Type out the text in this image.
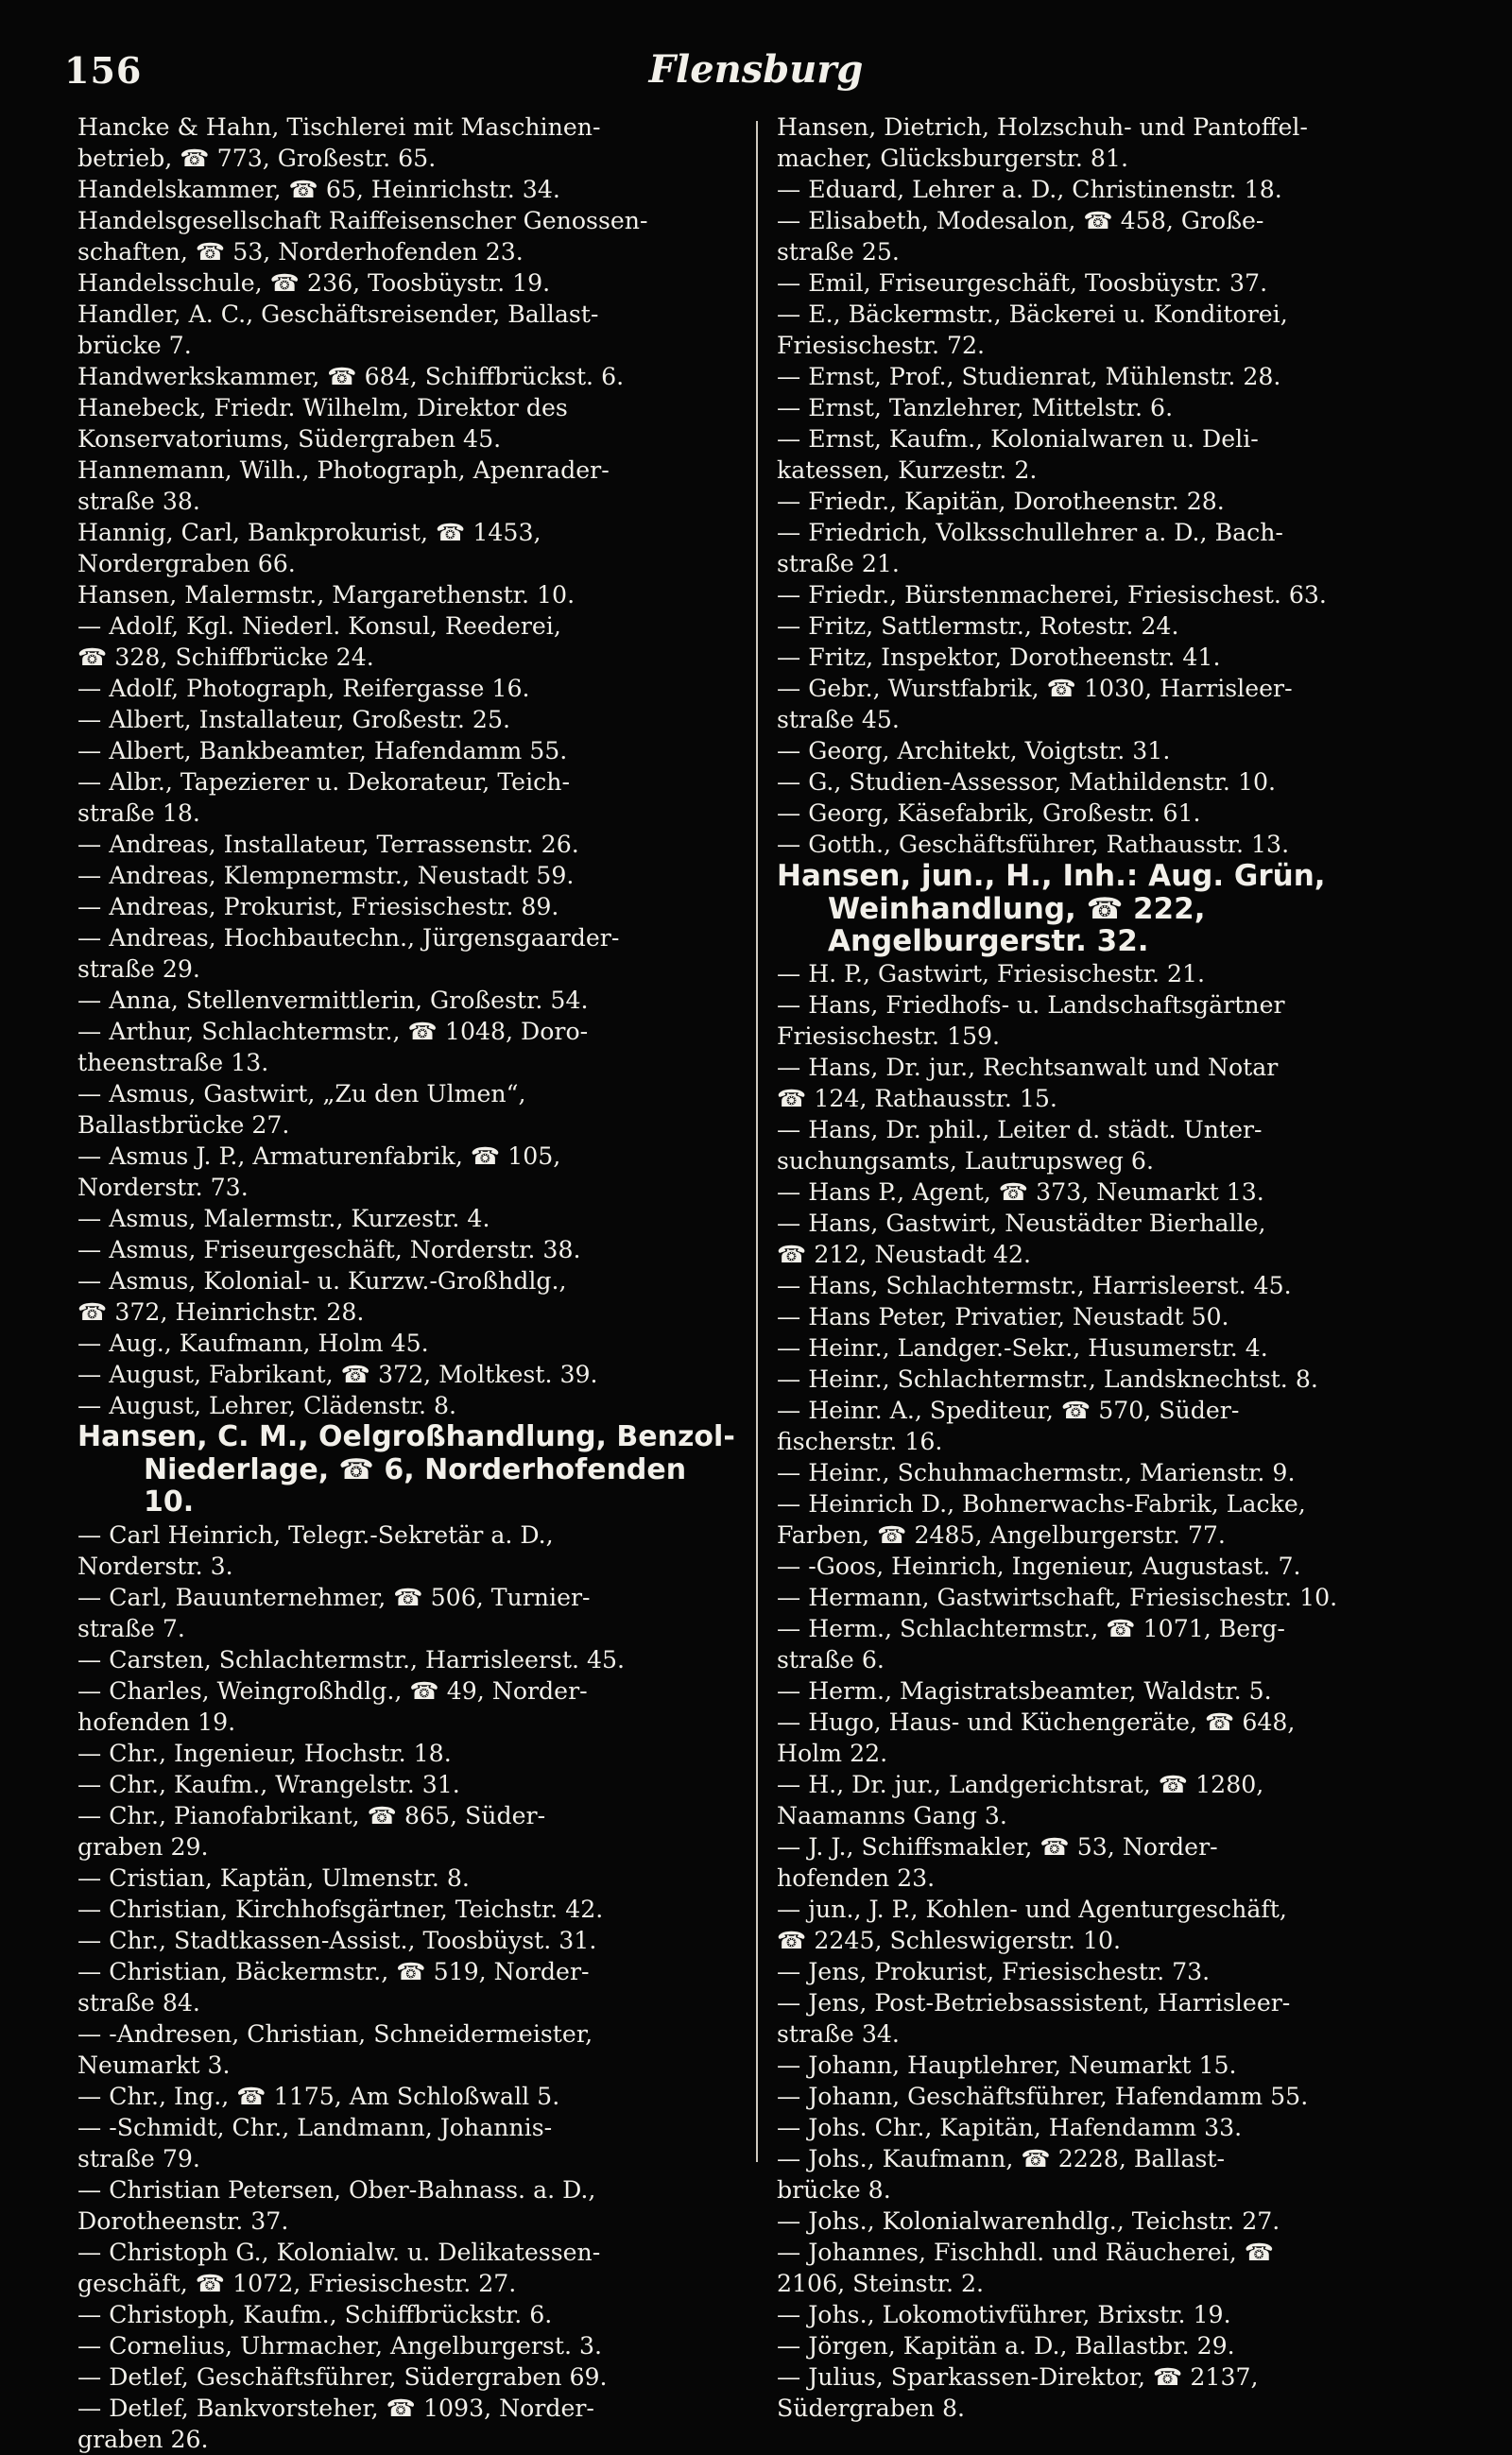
156	Flensburg
Hancke & Hahn, Tischlerei mit Maschinen-
betrieb, ☎ 773, Großestr. 65.
Handelskammer, ☎ 65, Heinrichstr. 34.
Handelsgesellschaft Raiffeisenscher Genossen-
schaften, ☎ 53, Norderhofenden 23.
Handelsschule, ☎ 236, Toosbüystr. 19.
Handler, A. C., Geschäftsreisender, Ballast-
brücke 7.
Handwerkskammer, ☎ 684, Schiffbrückst. 6.
Hanebeck, Friedr. Wilhelm, Direktor des
Konservatoriums, Südergraben 45.
Hannemann, Wilh., Photograph, Apenrader-
straße 38.
Hannig, Carl, Bankprokurist, ☎ 1453,
Nordergraben 66.
Hansen, Malermstr., Margarethenstr. 10.
— Adolf, Kgl. Niederl. Konsul, Reederei,
☎ 328, Schiffbrücke 24.
— Adolf, Photograph, Reifergasse 16.
— Albert, Installateur, Großestr. 25.
— Albert, Bankbeamter, Hafendamm 55.
— Albr., Tapezierer u. Dekorateur, Teich-
straße 18.
— Andreas, Installateur, Terrassenstr. 26.
— Andreas, Klempnermstr., Neustadt 59.
— Andreas, Prokurist, Friesischestr. 89.
— Andreas, Hochbautechn., Jürgensgaarder-
straße 29.
— Anna, Stellenvermittlerin, Großestr. 54.
— Arthur, Schlachtermstr., ☎ 1048, Doro-
theenstraße 13.
— Asmus, Gastwirt, „Zu den Ulmen“,
Ballastbrücke 27.
— Asmus J. P., Armaturenfabrik, ☎ 105,
Norderstr. 73.
— Asmus, Malermstr., Kurzestr. 4.
— Asmus, Friseurgeschäft, Norderstr. 38.
— Asmus, Kolonial- u. Kurzw.-Großhdlg.,
☎ 372, Heinrichstr. 28.
— Aug., Kaufmann, Holm 45.
— August, Fabrikant, ☎ 372, Moltkest. 39.
— August, Lehrer, Clädenstr. 8.
Hansen, C. M., Oelgroßhandlung, Benzol-Niederlage, ☎ 6, Norderhofenden 10.
— Carl Heinrich, Telegr.-Sekretär a. D.,
Norderstr. 3.
— Carl, Bauunternehmer, ☎ 506, Turnier-
straße 7.
— Carsten, Schlachtermstr., Harrisleerst. 45.
— Charles, Weingroßhdlg., ☎ 49, Norder-
hofenden 19.
— Chr., Ingenieur, Hochstr. 18.
— Chr., Kaufm., Wrangelstr. 31.
— Chr., Pianofabrikant, ☎ 865, Süder-
graben 29.
— Cristian, Kaptän, Ulmenstr. 8.
— Christian, Kirchhofsgärtner, Teichstr. 42.
— Chr., Stadtkassen-Assist., Toosbüyst. 31.
— Christian, Bäckermstr., ☎ 519, Norder-
straße 84.
— -Andresen, Christian, Schneidermeister,
Neumarkt 3.
— Chr., Ing., ☎ 1175, Am Schloßwall 5.
— -Schmidt, Chr., Landmann, Johannis-
straße 79.
— Christian Petersen, Ober-Bahnass. a. D.,
Dorotheenstr. 37.
— Christoph G., Kolonialw. u. Delikatessen-
geschäft, ☎ 1072, Friesischestr. 27.
— Christoph, Kaufm., Schiffbrückstr. 6.
— Cornelius, Uhrmacher, Angelburgerst. 3.
— Detlef, Geschäftsführer, Südergraben 69.
— Detlef, Bankvorsteher, ☎ 1093, Norder-
graben 26.
Hansen, Dietrich, Holzschuh- und Pantoffel-
macher, Glücksburgerstr. 81.
— Eduard, Lehrer a. D., Christinenstr. 18.
— Elisabeth, Modesalon, ☎ 458, Große-
straße 25.
— Emil, Friseurgeschäft, Toosbüystr. 37.
— E., Bäckermstr., Bäckerei u. Konditorei,
Friesischestr. 72.
— Ernst, Prof., Studienrat, Mühlenstr. 28.
— Ernst, Tanzlehrer, Mittelstr. 6.
— Ernst, Kaufm., Kolonialwaren u. Deli-
katessen, Kurzestr. 2.
— Friedr., Kapitän, Dorotheenstr. 28.
— Friedrich, Volksschullehrer a. D., Bach-
straße 21.
— Friedr., Bürstenmacherei, Friesischest. 63.
— Fritz, Sattlermstr., Rotestr. 24.
— Fritz, Inspektor, Dorotheenstr. 41.
— Gebr., Wurstfabrik, ☎ 1030, Harrisleer-
straße 45.
— Georg, Architekt, Voigtstr. 31.
— G., Studien-Assessor, Mathildenstr. 10.
— Georg, Käsefabrik, Großestr. 61.
— Gotth., Geschäftsführer, Rathausstr. 13.
Hansen, jun., H., Inh.: Aug. Grün, Weinhandlung, ☎ 222, Angelburgerstr. 32.
— H. P., Gastwirt, Friesischestr. 21.
— Hans, Friedhofs- u. Landschaftsgärtner
Friesischestr. 159.
— Hans, Dr. jur., Rechtsanwalt und Notar
☎ 124, Rathausstr. 15.
— Hans, Dr. phil., Leiter d. städt. Unter-
suchungsamts, Lautrupsweg 6.
— Hans P., Agent, ☎ 373, Neumarkt 13.
— Hans, Gastwirt, Neustädter Bierhalle,
☎ 212, Neustadt 42.
— Hans, Schlachtermstr., Harrisleerst. 45.
— Hans Peter, Privatier, Neustadt 50.
— Heinr., Landger.-Sekr., Husumerstr. 4.
— Heinr., Schlachtermstr., Landsknechtst. 8.
— Heinr. A., Spediteur, ☎ 570, Süder-
fischerstr. 16.
— Heinr., Schuhmachermstr., Marienstr. 9.
— Heinrich D., Bohnerwachs-Fabrik, Lacke,
Farben, ☎ 2485, Angelburgerstr. 77.
— -Goos, Heinrich, Ingenieur, Augustast. 7.
— Hermann, Gastwirtschaft, Friesischestr. 10.
— Herm., Schlachtermstr., ☎ 1071, Berg-
straße 6.
— Herm., Magistratsbeamter, Waldstr. 5.
— Hugo, Haus- und Küchengeräte, ☎ 648,
Holm 22.
— H., Dr. jur., Landgerichtsrat, ☎ 1280,
Naamanns Gang 3.
— J. J., Schiffsmakler, ☎ 53, Norder-
hofenden 23.
— jun., J. P., Kohlen- und Agenturgeschäft,
☎ 2245, Schleswigerstr. 10.
— Jens, Prokurist, Friesischestr. 73.
— Jens, Post-Betriebsassistent, Harrisleer-
straße 34.
— Johann, Hauptlehrer, Neumarkt 15.
— Johann, Geschäftsführer, Hafendamm 55.
— Johs. Chr., Kapitän, Hafendamm 33.
— Johs., Kaufmann, ☎ 2228, Ballast-
brücke 8.
— Johs., Kolonialwarenhdlg., Teichstr. 27.
— Johannes, Fischhdl. und Räucherei, ☎
2106, Steinstr. 2.
— Johs., Lokomotivführer, Brixstr. 19.
— Jörgen, Kapitän a. D., Ballastbr. 29.
— Julius, Sparkassen-Direktor, ☎ 2137,
Südergraben 8.
